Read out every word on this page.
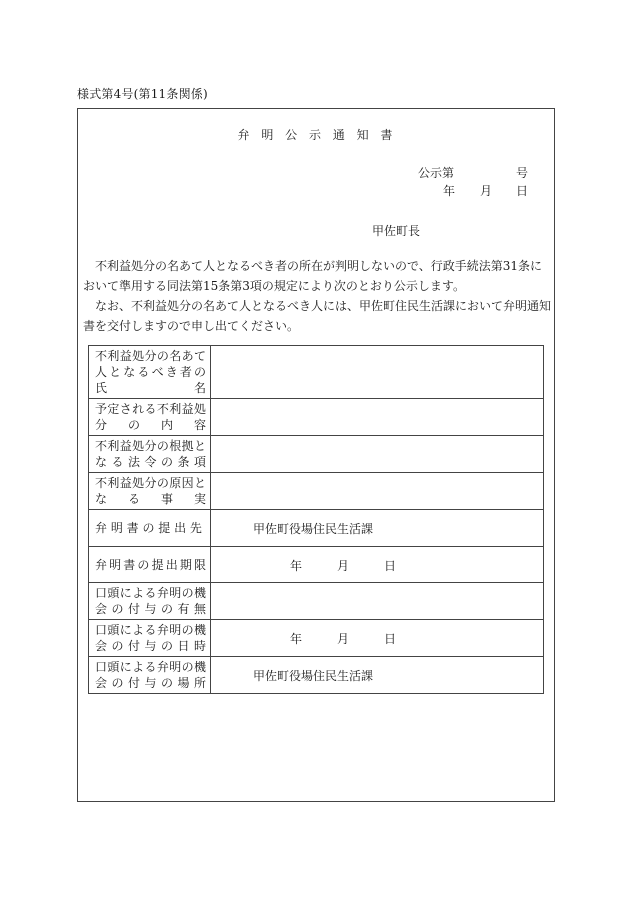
様式第4号(第11条関係)
弁 明 公 示 通 知 書
公示第	号
年 月 日
甲佐町長

不利益処分の名あて人となるべき者の所在が判明しないので、行政手続法第31条において準用する同法第15条第3項の規定により次のとおり公示します。

なお、不利益処分の名あて人となるべき人には、甲佐町住民生活課において弁明通知書を交付しますので申し出てください。

不利益処分の名あて人となるべき者の　　氏　　名	
予定される不利益処　分　の　内　容	
不利益処分の根拠となる法令の条項	
不利益処分の原因と　な　る　事　実	
弁 明 書 の 提 出 先	甲佐町役場住民生活課
弁明書の提出期限	年 月 日

口頭による弁明の機会の付与の有無	
口頭による弁明の機会の付与の日時	年 月 日

口頭による弁明の機会の付与の場所	甲佐町役場住民生活課
